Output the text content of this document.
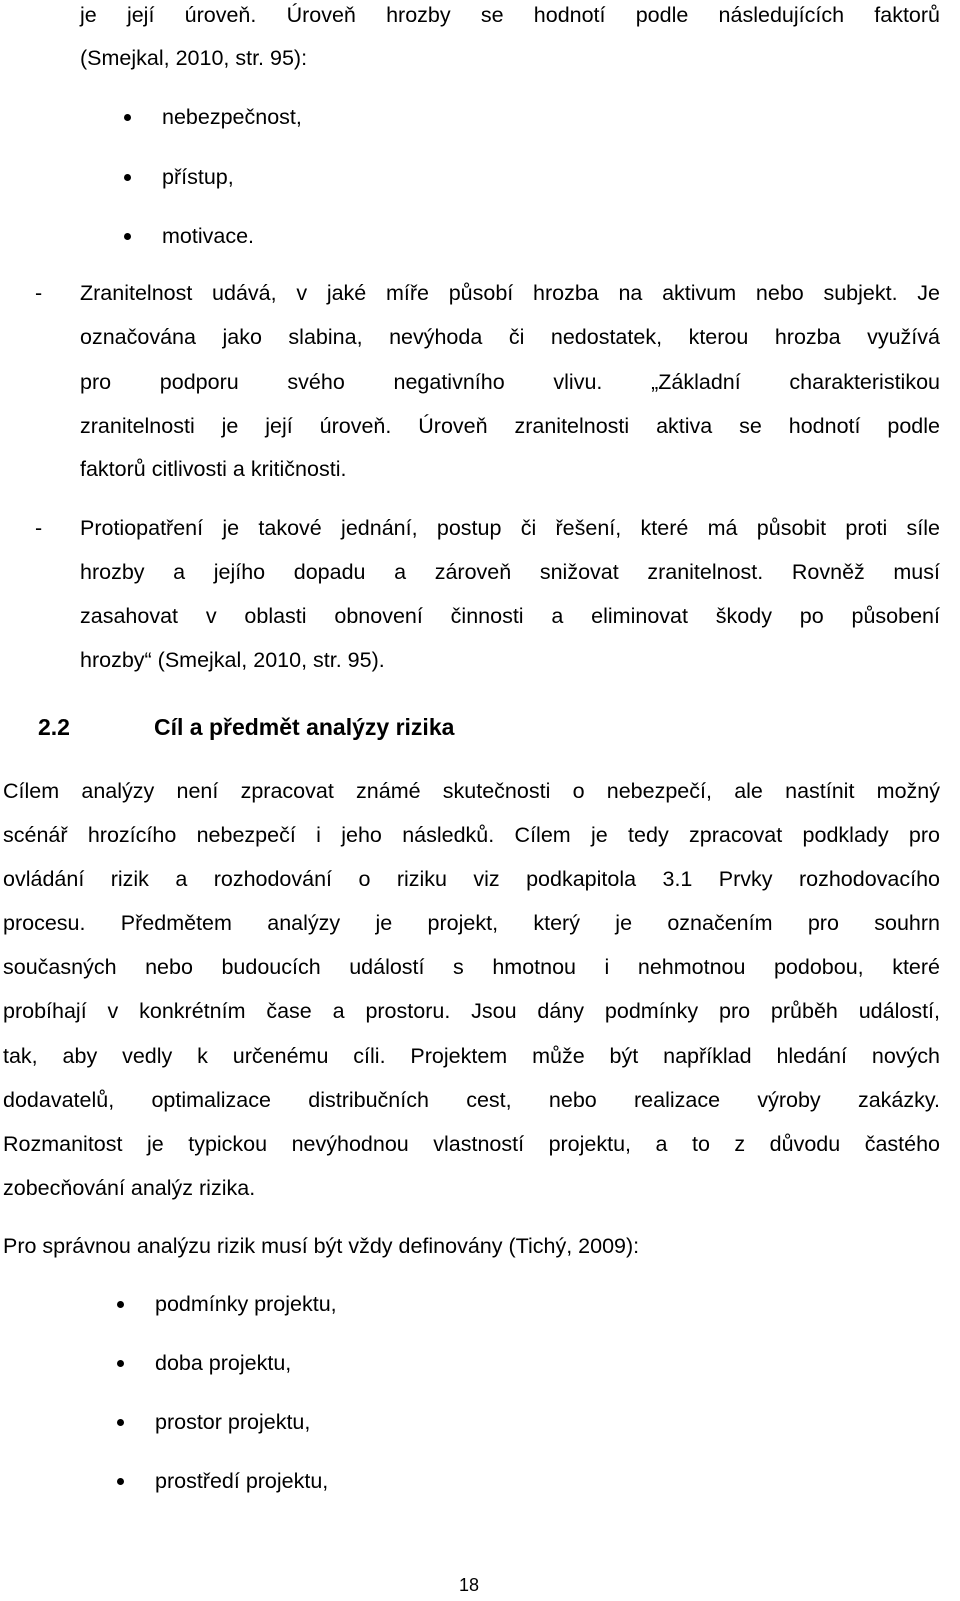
je její úroveň. Úroveň hrozby se hodnotí podle následujících faktorů
(Smejkal, 2010, str. 95):
nebezpečnost,
přístup,
motivace.
- Zranitelnost udává, v jaké míře působí hrozba na aktivum nebo subjekt. Je
označována jako slabina, nevýhoda či nedostatek, kterou hrozba využívá
pro podporu svého negativního vlivu. „Základní charakteristikou
zranitelnosti je její úroveň. Úroveň zranitelnosti aktiva se hodnotí podle
faktorů citlivosti a kritičnosti.
- Protiopatření je takové jednání, postup či řešení, které má působit proti síle
hrozby a jejího dopadu a zároveň snižovat zranitelnost. Rovněž musí
zasahovat v oblasti obnovení činnosti a eliminovat škody po působení
hrozby“ (Smejkal, 2010, str. 95).
2.2	Cíl a předmět analýzy rizika
Cílem analýzy není zpracovat známé skutečnosti o nebezpečí, ale nastínit možný
scénář hrozícího nebezpečí i jeho následků. Cílem je tedy zpracovat podklady pro
ovládání rizik a rozhodování o riziku viz podkapitola 3.1 Prvky rozhodovacího
procesu. Předmětem analýzy je projekt, který je označením pro souhrn
současných nebo budoucích událostí s hmotnou i nehmotnou podobou, které
probíhají v konkrétním čase a prostoru. Jsou dány podmínky pro průběh událostí,
tak, aby vedly k určenému cíli. Projektem může být například hledání nových
dodavatelů, optimalizace distribučních cest, nebo realizace výroby zakázky.
Rozmanitost je typickou nevýhodnou vlastností projektu, a to z důvodu častého
zobecňování analýz rizika.
Pro správnou analýzu rizik musí být vždy definovány (Tichý, 2009):
podmínky projektu,
doba projektu,
prostor projektu,
prostředí projektu,
18
